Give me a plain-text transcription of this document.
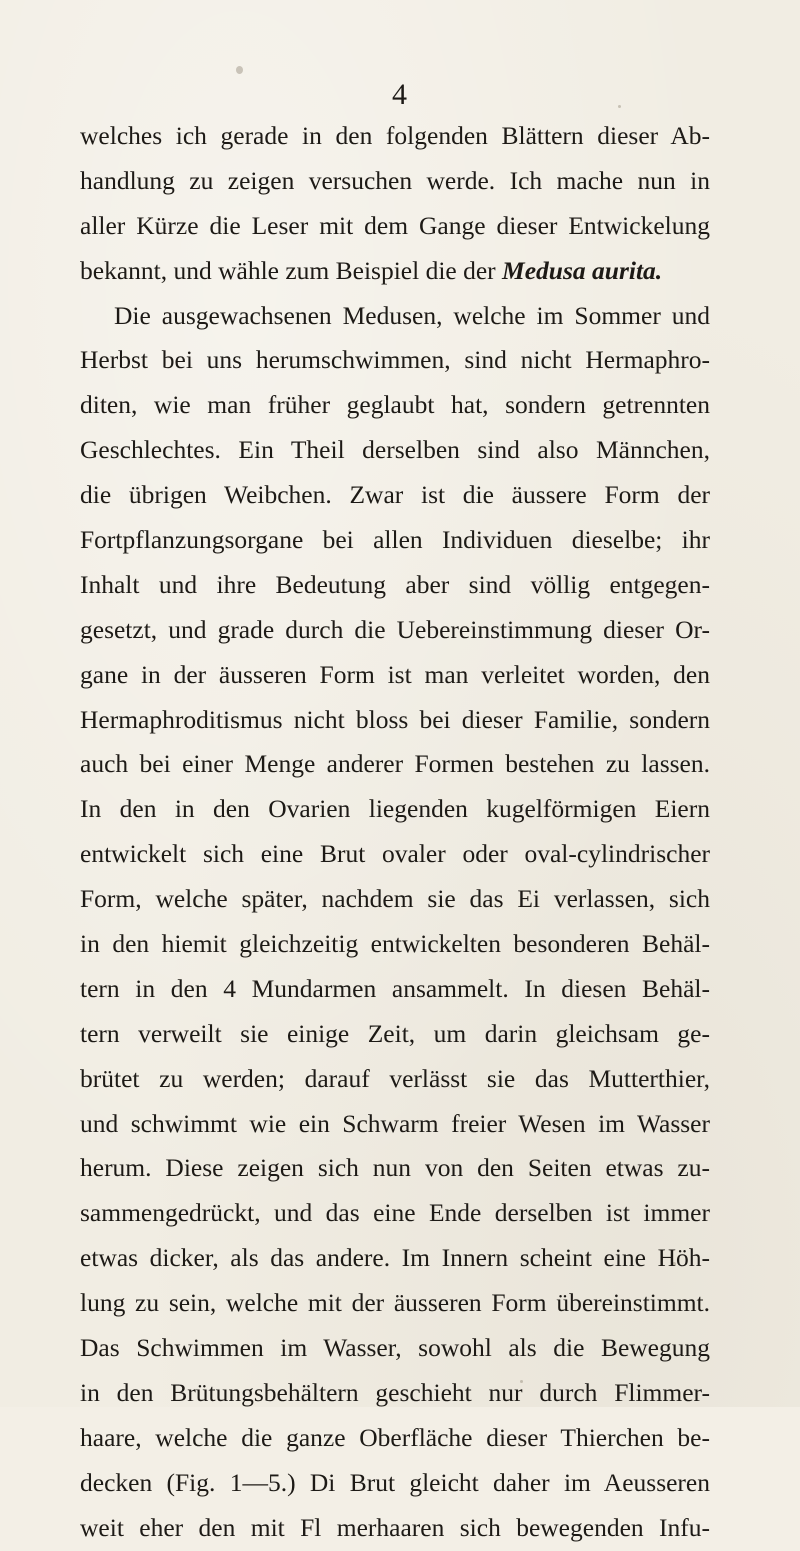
4
welches ich gerade in den folgenden Blättern dieser Ab-
handlung zu zeigen versuchen werde. Ich mache nun in
aller Kürze die Leser mit dem Gange dieser Entwickelung
bekannt, und wähle zum Beispiel die der Medusa aurita.
Die ausgewachsenen Medusen, welche im Sommer und
Herbst bei uns herumschwimmen, sind nicht Hermaphro-
diten, wie man früher geglaubt hat, sondern getrennten
Geschlechtes. Ein Theil derselben sind also Männchen,
die übrigen Weibchen. Zwar ist die äussere Form der
Fortpflanzungsorgane bei allen Individuen dieselbe; ihr
Inhalt und ihre Bedeutung aber sind völlig entgegen-
gesetzt, und grade durch die Uebereinstimmung dieser Or-
gane in der äusseren Form ist man verleitet worden, den
Hermaphroditismus nicht bloss bei dieser Familie, sondern
auch bei einer Menge anderer Formen bestehen zu lassen.
In den in den Ovarien liegenden kugelförmigen Eiern
entwickelt sich eine Brut ovaler oder oval-cylindrischer
Form, welche später, nachdem sie das Ei verlassen, sich
in den hiemit gleichzeitig entwickelten besonderen Behäl-
tern in den 4 Mundarmen ansammelt. In diesen Behäl-
tern verweilt sie einige Zeit, um darin gleichsam ge-
brütet zu werden; darauf verlässt sie das Mutterthier,
und schwimmt wie ein Schwarm freier Wesen im Wasser
herum. Diese zeigen sich nun von den Seiten etwas zu-
sammengedrückt, und das eine Ende derselben ist immer
etwas dicker, als das andere. Im Innern scheint eine Höh-
lung zu sein, welche mit der äusseren Form übereinstimmt.
Das Schwimmen im Wasser, sowohl als die Bewegung
in den Brütungsbehältern geschieht nur durch Flimmer-
haare, welche die ganze Oberfläche dieser Thierchen be-
decken (Fig. 1—5.) Di Brut gleicht daher im Aeusseren
weit eher den mit Fl merhaaren sich bewegenden Infu-
